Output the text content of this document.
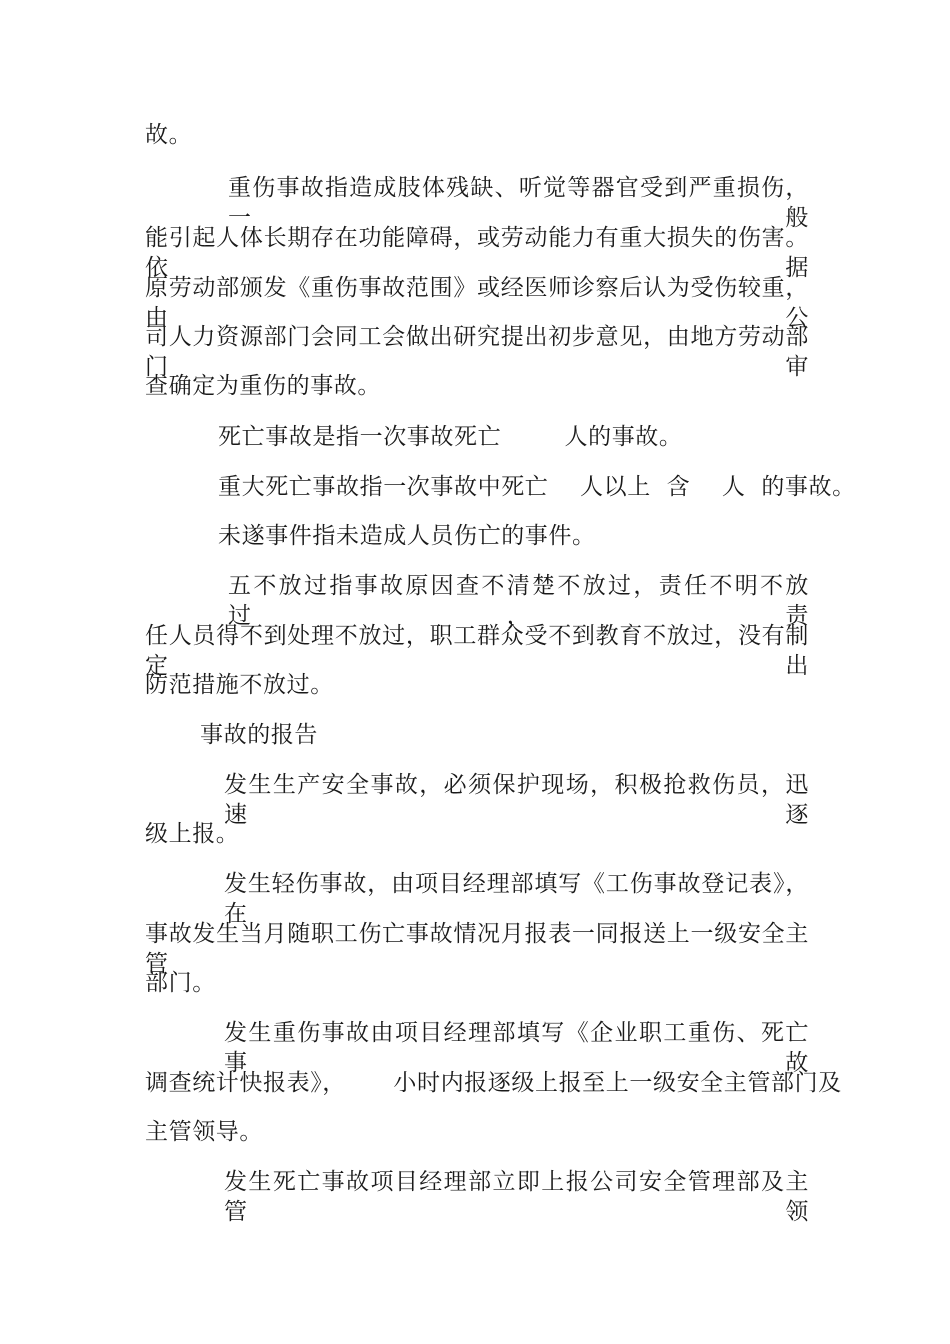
故。
重伤事故指造成肢体残缺、听觉等器官受到严重损伤，一般
能引起人体长期存在功能障碍，或劳动能力有重大损失的伤害。依据
原劳动部颁发《重伤事故范围》或经医师诊察后认为受伤较重，由公
司人力资源部门会同工会做出研究提出初步意见，由地方劳动部门审
查确定为重伤的事故。
死亡事故是指一次事故死亡        人的事故。
重大死亡事故指一次事故中死亡    人以上  含    人  的事故。
未遂事件指未造成人员伤亡的事件。
五不放过指事故原因查不清楚不放过，责任不明不放过，责
任人员得不到处理不放过，职工群众受不到教育不放过，没有制定出
防范措施不放过。
事故的报告
发生生产安全事故，必须保护现场，积极抢救伤员，迅速逐
级上报。
发生轻伤事故，由项目经理部填写《工伤事故登记表》，在
事故发生当月随职工伤亡事故情况月报表一同报送上一级安全主管
部门。
发生重伤事故由项目经理部填写《企业职工重伤、死亡事故
调查统计快报表》，      小时内报逐级上报至上一级安全主管部门及
主管领导。
发生死亡事故项目经理部立即上报公司安全管理部及主管领
